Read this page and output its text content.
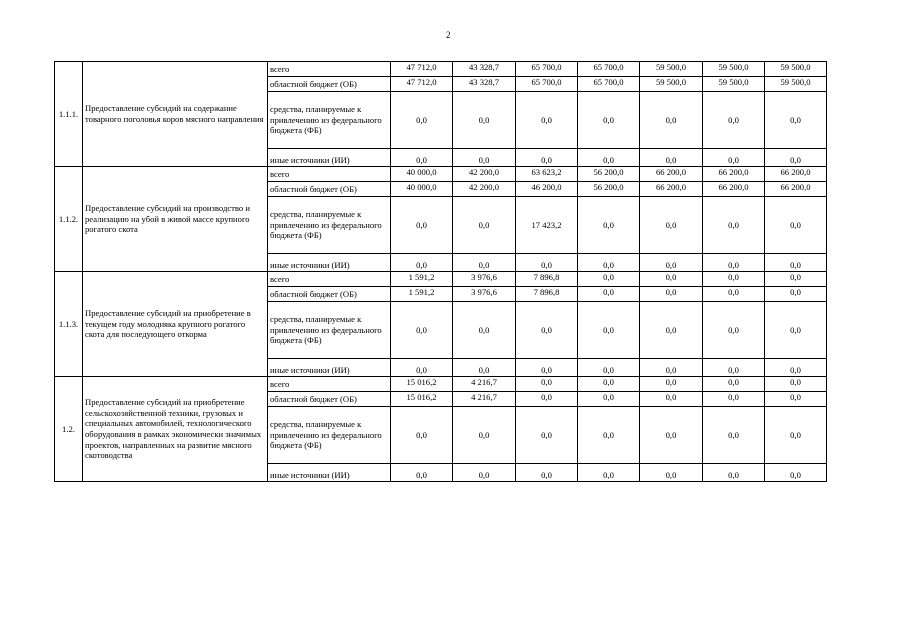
2
1.1.1.	Предоставление субсидий на содержание товарного поголовья коров мясного направления	всего	47 712,0	43 328,7	65 700,0	65 700,0	59 500,0	59 500,0	59 500,0
		областной бюджет (ОБ)	47 712,0	43 328,7	65 700,0	65 700,0	59 500,0	59 500,0	59 500,0
		средства, планируемые к привлечению из федерального бюджета (ФБ)	0,0	0,0	0,0	0,0	0,0	0,0	0,0
		иные источники (ИИ)	0,0	0,0	0,0	0,0	0,0	0,0	0,0
1.1.2.	Предоставление субсидий на производство и реализацию на убой в живой массе крупного рогатого скота	всего	40 000,0	42 200,0	63 623,2	56 200,0	66 200,0	66 200,0	66 200,0
		областной бюджет (ОБ)	40 000,0	42 200,0	46 200,0	56 200,0	66 200,0	66 200,0	66 200,0
		средства, планируемые к привлечению из федерального бюджета (ФБ)	0,0	0,0	17 423,2	0,0	0,0	0,0	0,0
		иные источники (ИИ)	0,0	0,0	0,0	0,0	0,0	0,0	0,0
1.1.3.	Предоставление субсидий на приобретение в текущем году молодняка крупного рогатого скота для последующего откорма	всего	1 591,2	3 976,6	7 896,8	0,0	0,0	0,0	0,0
		областной бюджет (ОБ)	1 591,2	3 976,6	7 896,8	0,0	0,0	0,0	0,0
		средства, планируемые к привлечению из федерального бюджета (ФБ)	0,0	0,0	0,0	0,0	0,0	0,0	0,0
		иные источники (ИИ)	0,0	0,0	0,0	0,0	0,0	0,0	0,0
1.2.	Предоставление субсидий на приобретение сельскохозяйственной техники, грузовых и специальных автомобилей, технологического оборудования в рамках экономически значимых проектов, направленных на развитие мясного скотоводства	всего	15 016,2	4 216,7	0,0	0,0	0,0	0,0	0,0
		областной бюджет (ОБ)	15 016,2	4 216,7	0,0	0,0	0,0	0,0	0,0
		средства, планируемые к привлечению из федерального бюджета (ФБ)	0,0	0,0	0,0	0,0	0,0	0,0	0,0
		иные источники (ИИ)	0,0	0,0	0,0	0,0	0,0	0,0	0,0
